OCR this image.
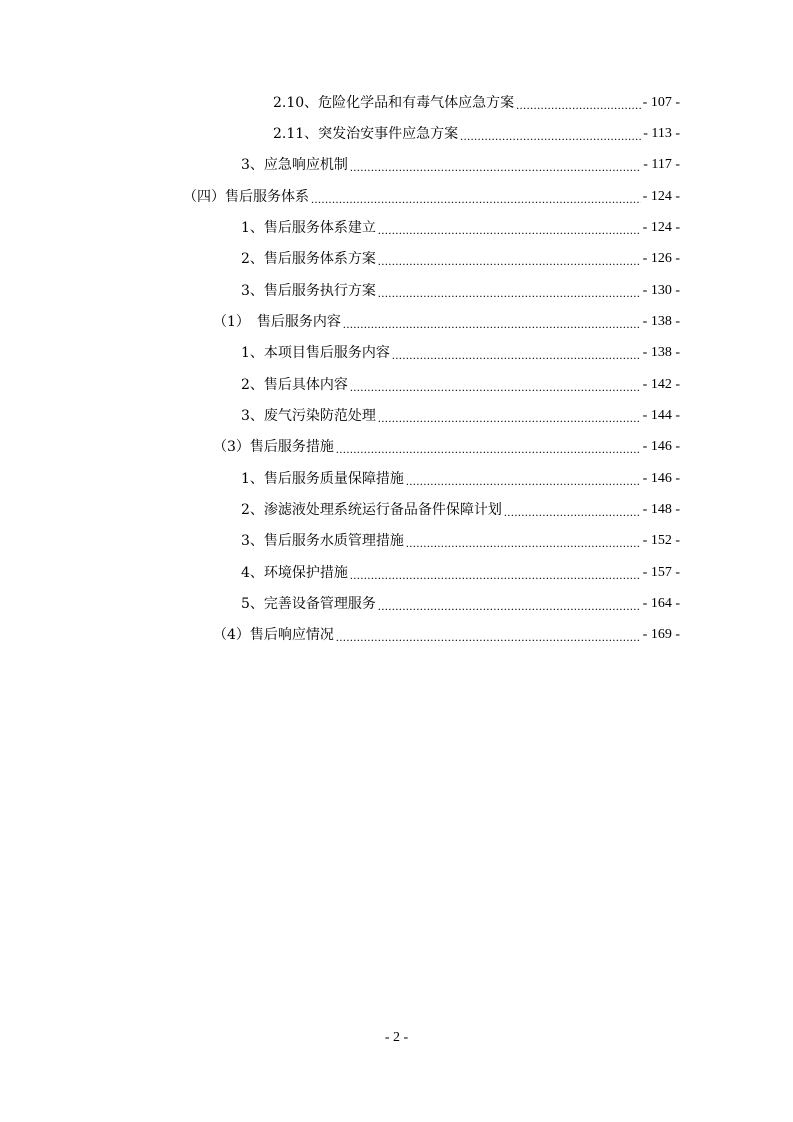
2.10、危险化学品和有毒气体应急方案 .....	- 107 -
2.11、突发治安事件应急方案 .....	- 113 -
3、应急响应机制 .....	- 117 -
（四）售后服务体系 .....	- 124 -
1、售后服务体系建立 .....	- 124 -
2、售后服务体系方案 .....	- 126 -
3、售后服务执行方案 .....	- 130 -
（1）　售后服务内容 .....	- 138 -
1、本项目售后服务内容 .....	- 138 -
2、售后具体内容 .....	- 142 -
3、废气污染防范处理 .....	- 144 -
（3）售后服务措施 .....	- 146 -
1、售后服务质量保障措施 .....	- 146 -
2、渗滤液处理系统运行备品备件保障计划 .....	- 148 -
3、售后服务水质管理措施 .....	- 152 -
4、环境保护措施 .....	- 157 -
5、完善设备管理服务 .....	- 164 -
（4）售后响应情况 .....	- 169 -
- 2 -
